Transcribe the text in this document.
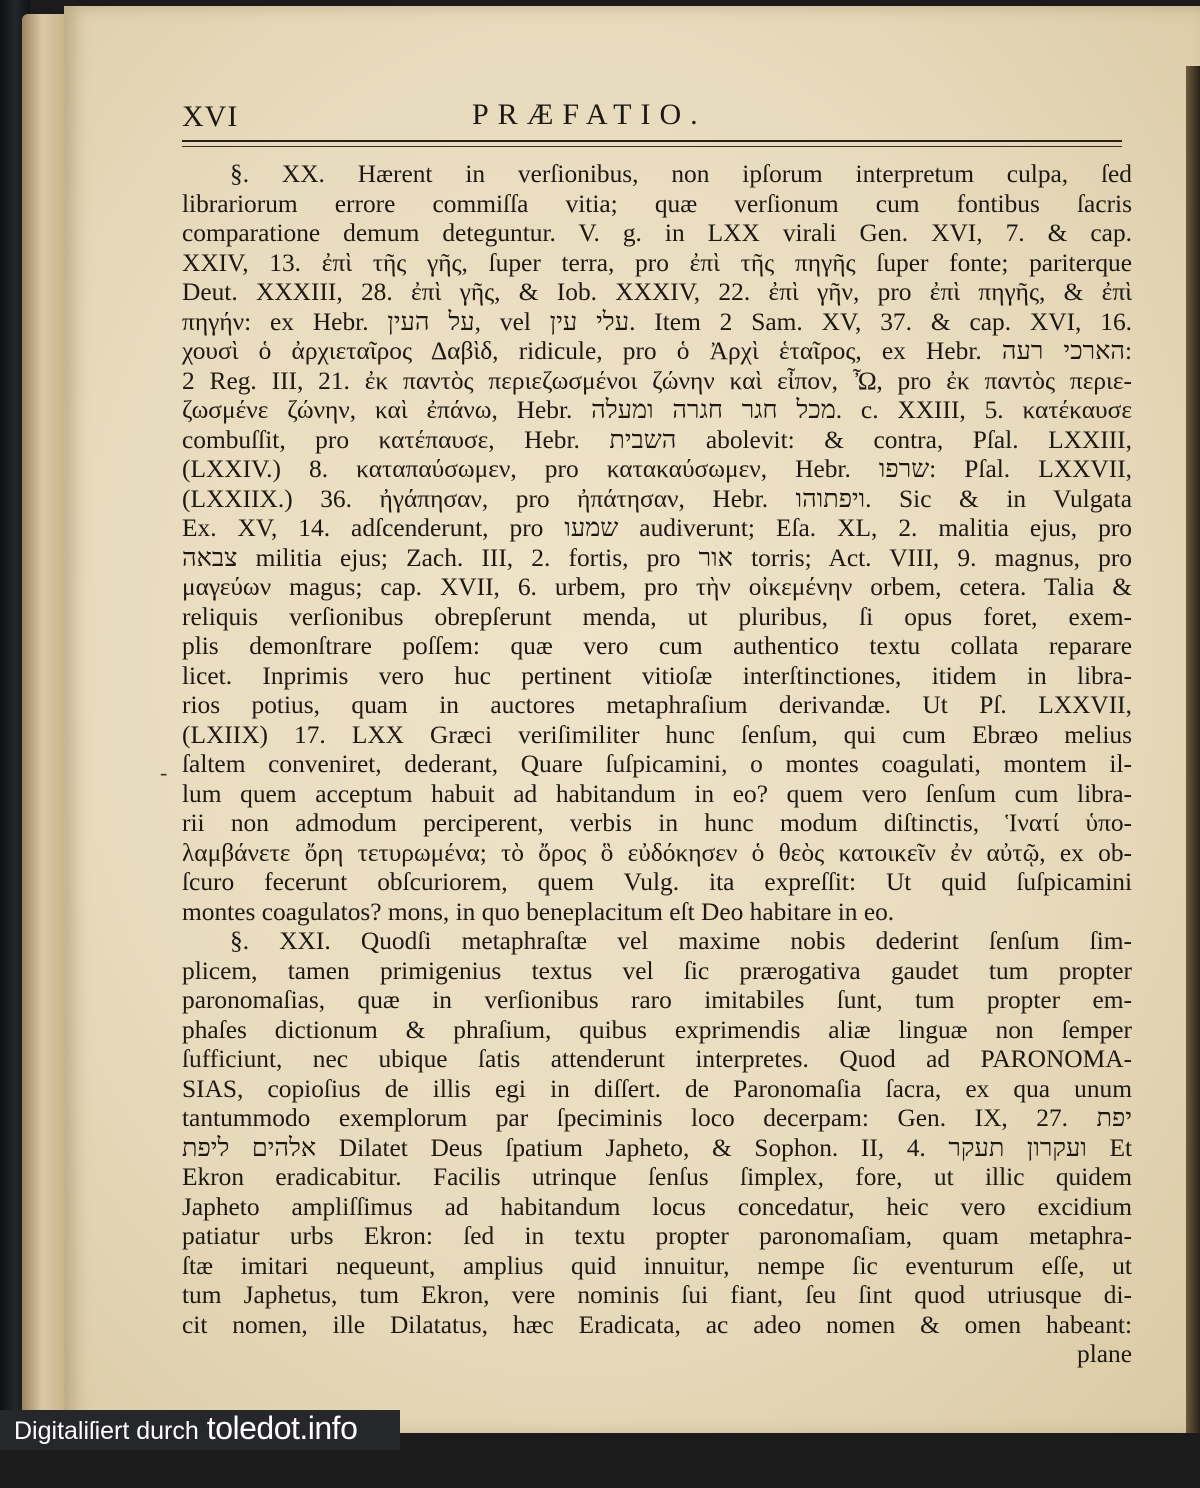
XVI	PRÆFATIO.
-
§. XX. Hærent in verſionibus, non ipſorum interpretum culpa, ſed
librariorum errore commiſſa vitia; quæ verſionum cum fontibus ſacris
comparatione demum deteguntur. V. g. in LXX virali Gen. XVI, 7. & cap.
XXIV, 13. ἐπὶ τῆς γῆς, ſuper terra, pro ἐπὶ τῆς πηγῆς ſuper fonte; pariterque
Deut. XXXIII, 28. ἐπὶ γῆς, & Iob. XXXIV, 22. ἐπὶ γῆν, pro ἐπὶ πηγῆς, & ἐπὶ
πηγήν: ex Hebr. על העין, vel עלי עין. Item 2 Sam. XV, 37. & cap. XVI, 16.
χουσὶ ὁ ἀρχιεταῖρος Δαβὶδ, ridicule, pro ὁ Ἀρχὶ ἑταῖρος, ex Hebr. הארכי רעה:
2 Reg. III, 21. ἐκ παντὸς περιεζωσμένοι ζώνην καὶ εἶπον, Ὦ, pro ἐκ παντὸς περιε-
ζωσμένε ζώνην, καὶ ἐπάνω, Hebr. מכל חגר חגרה ומעלה. c. XXIII, 5. κατέκαυσε
combuſſit, pro κατέπαυσε, Hebr. השבית abolevit: & contra, Pſal. LXXIII,
(LXXIV.) 8. καταπαύσωμεν, pro κατακαύσωμεν, Hebr. שרפו: Pſal. LXXVII,
(LXXIIX.) 36. ἠγάπησαν, pro ἠπάτησαν, Hebr. ויפתוהו. Sic & in Vulgata
Ex. XV, 14. adſcenderunt, pro שמעו audiverunt; Eſa. XL, 2. malitia ejus, pro
צבאה militia ejus; Zach. III, 2. fortis, pro אור torris; Act. VIII, 9. magnus, pro
μαγεύων magus; cap. XVII, 6. urbem, pro τὴν οἰκεμένην orbem, cetera. Talia &
reliquis verſionibus obrepſerunt menda, ut pluribus, ſi opus foret, exem-
plis demonſtrare poſſem: quæ vero cum authentico textu collata reparare
licet. Inprimis vero huc pertinent vitioſæ interſtinctiones, itidem in libra-
rios potius, quam in auctores metaphraſium derivandæ. Ut Pſ. LXXVII,
(LXIIX) 17. LXX Græci veriſimiliter hunc ſenſum, qui cum Ebræo melius
ſaltem conveniret, dederant, Quare ſuſpicamini, o montes coagulati, montem il-
lum quem acceptum habuit ad habitandum in eo? quem vero ſenſum cum libra-
rii non admodum perciperent, verbis in hunc modum diſtinctis, Ἱνατί ὑπο-
λαμβάνετε ὄρη τετυρωμένα; τὸ ὄρος ὃ εὐδόκησεν ὁ θεὸς κατοικεῖν ἐν αὐτῷ, ex ob-
ſcuro fecerunt obſcuriorem, quem Vulg. ita expreſſit: Ut quid ſuſpicamini
montes coagulatos? mons, in quo beneplacitum eſt Deo habitare in eo.
§. XXI. Quodſi metaphraſtæ vel maxime nobis dederint ſenſum ſim-
plicem, tamen primigenius textus vel ſic prærogativa gaudet tum propter
paronomaſias, quæ in verſionibus raro imitabiles ſunt, tum propter em-
phaſes dictionum & phraſium, quibus exprimendis aliæ linguæ non ſemper
ſufficiunt, nec ubique ſatis attenderunt interpretes. Quod ad PARONOMA-
SIAS, copioſius de illis egi in diſſert. de Paronomaſia ſacra, ex qua unum
tantummodo exemplorum par ſpeciminis loco decerpam: Gen. IX, 27. יפת
אלהים ליפת Dilatet Deus ſpatium Japheto, & Sophon. II, 4. ועקרון תעקר Et
Ekron eradicabitur. Facilis utrinque ſenſus ſimplex, fore, ut illic quidem
Japheto ampliſſimus ad habitandum locus concedatur, heic vero excidium
patiatur urbs Ekron: ſed in textu propter paronomaſiam, quam metaphra-
ſtæ imitari nequeunt, amplius quid innuitur, nempe ſic eventurum eſſe, ut
tum Japhetus, tum Ekron, vere nominis ſui fiant, ſeu ſint quod utriusque di-
cit nomen, ille Dilatatus, hæc Eradicata, ac adeo nomen & omen habeant:
plane
Digitaliſiert durch toledot.info
